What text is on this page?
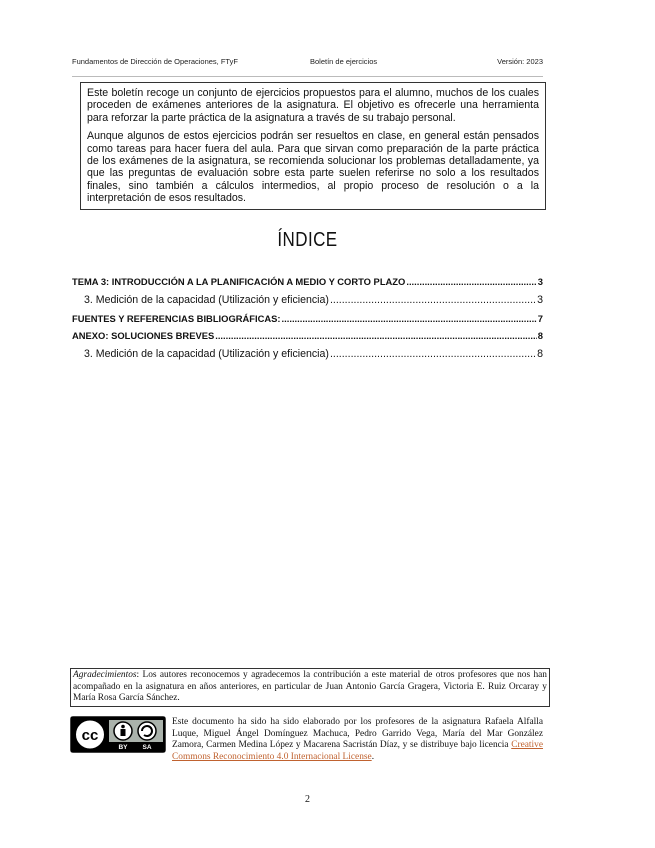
Fundamentos de Dirección de Operaciones, FTyF	Boletín de ejercicios	Versión: 2023

Este boletín recoge un conjunto de ejercicios propuestos para el alumno, muchos de los cuales proceden de exámenes anteriores de la asignatura. El objetivo es ofrecerle una herramienta para reforzar la parte práctica de la asignatura a través de su trabajo personal.

Aunque algunos de estos ejercicios podrán ser resueltos en clase, en general están pensados como tareas para hacer fuera del aula. Para que sirvan como preparación de la parte práctica de los exámenes de la asignatura, se recomienda solucionar los problemas detalladamente, ya que las preguntas de evaluación sobre esta parte suelen referirse no solo a los resultados finales, sino también a cálculos intermedios, al propio proceso de resolución o a la interpretación de esos resultados.

ÍNDICE
TEMA 3: INTRODUCCIÓN A LA PLANIFICACIÓN A MEDIO Y CORTO PLAZO .....	3
3. Medición de la capacidad (Utilización y eficiencia) .....	3
FUENTES Y REFERENCIAS BIBLIOGRÁFICAS: .....	7
ANEXO: SOLUCIONES BREVES .....	8
3. Medición de la capacidad (Utilización y eficiencia) .....	8
Agradecimientos: Los autores reconocemos y agradecemos la contribución a este material de otros profesores que nos han acompañado en la asignatura en años anteriores, en particular de Juan Antonio García Gragera, Victoria E. Ruiz Orcaray y María Rosa García Sánchez.
cc
BY SA
Este documento ha sido ha sido elaborado por los profesores de la asignatura Rafaela Alfalla Luque, Miguel Ángel Domínguez Machuca, Pedro Garrido Vega, María del Mar González Zamora, Carmen Medina López y Macarena Sacristán Díaz, y se distribuye bajo licencia Creative Commons Reconocimiento 4.0 Internacional License.
2
